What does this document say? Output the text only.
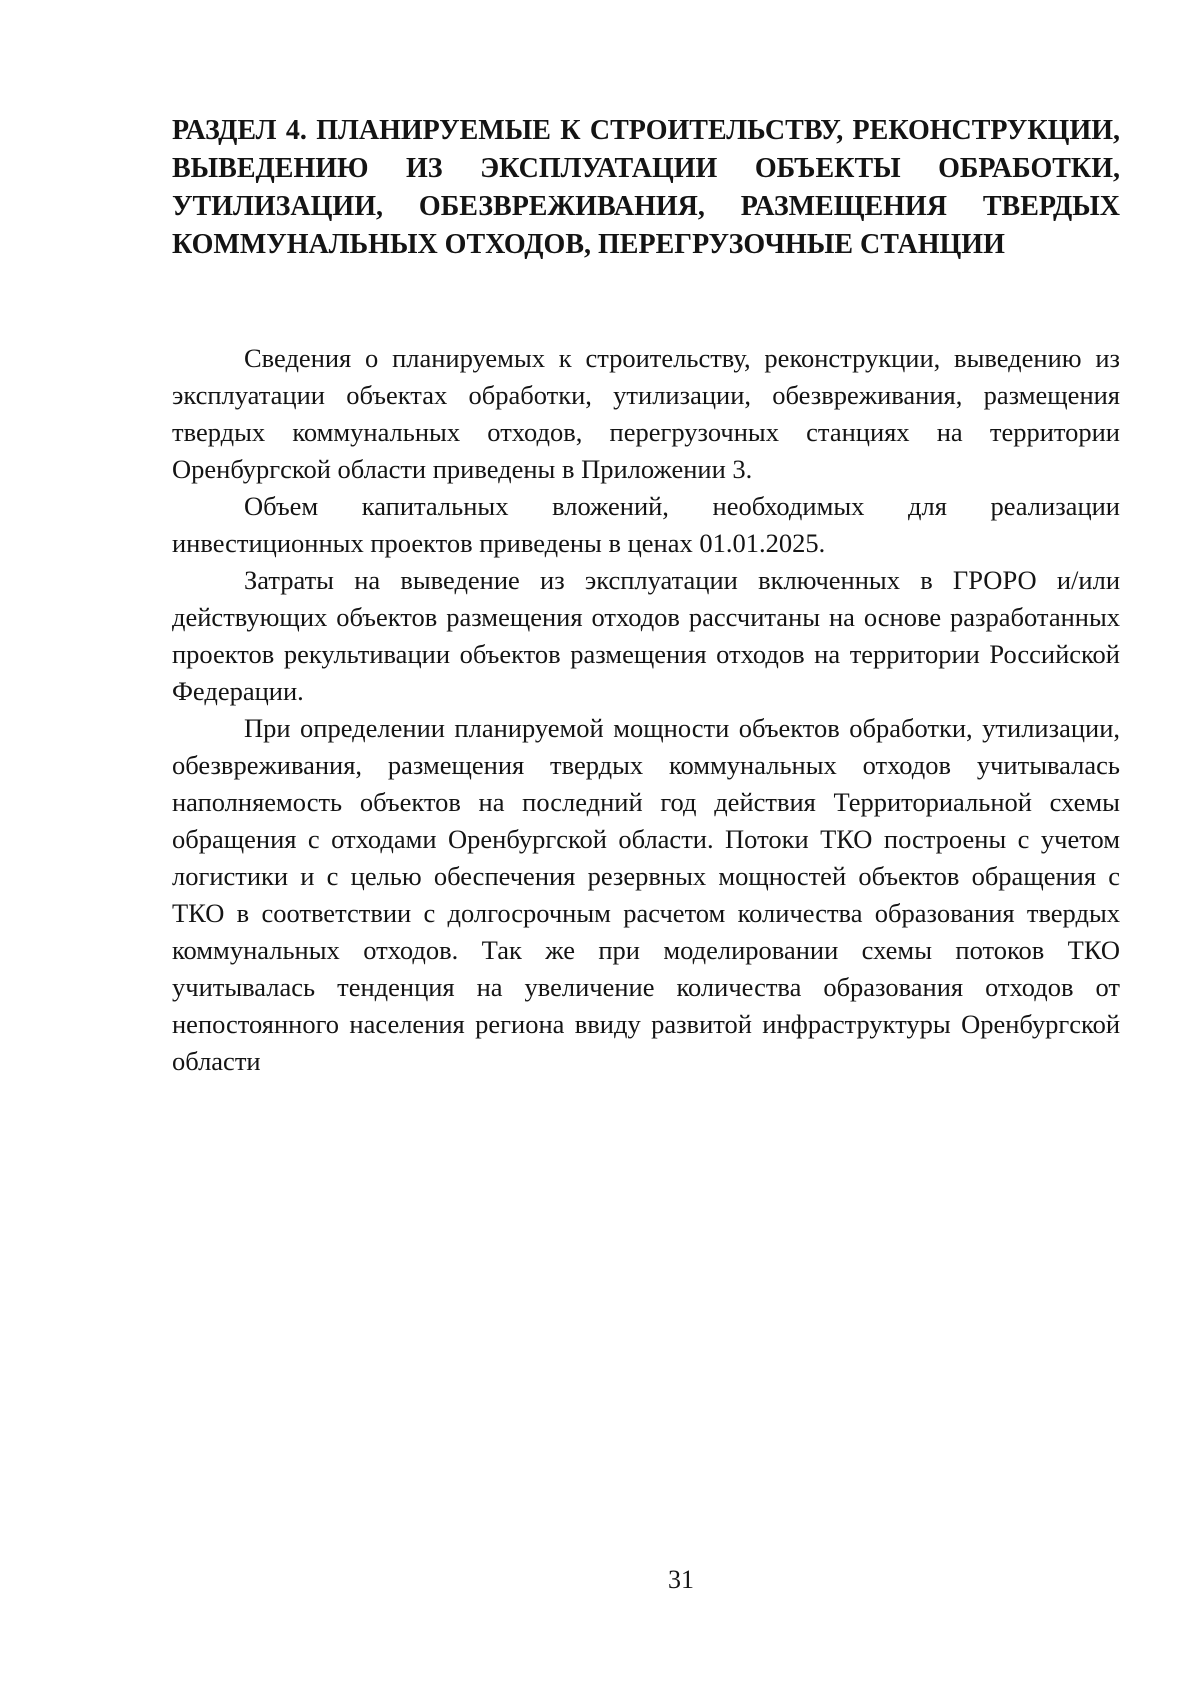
РАЗДЕЛ 4. ПЛАНИРУЕМЫЕ К СТРОИТЕЛЬСТВУ, РЕКОНСТРУКЦИИ, ВЫВЕДЕНИЮ ИЗ ЭКСПЛУАТАЦИИ ОБЪЕКТЫ ОБРАБОТКИ, УТИЛИЗАЦИИ, ОБЕЗВРЕЖИВАНИЯ, РАЗМЕЩЕНИЯ ТВЕРДЫХ КОММУНАЛЬНЫХ ОТХОДОВ, ПЕРЕГРУЗОЧНЫЕ СТАНЦИИ

Сведения о планируемых к строительству, реконструкции, выведению из эксплуатации объектах обработки, утилизации, обезвреживания, размещения твердых коммунальных отходов, перегрузочных станциях на территории Оренбургской области приведены в Приложении 3.

Объем капитальных вложений, необходимых для реализации инвестиционных проектов приведены в ценах 01.01.2025.

Затраты на выведение из эксплуатации включенных в ГРОРО и/или действующих объектов размещения отходов рассчитаны на основе разработанных проектов рекультивации объектов размещения отходов на территории Российской Федерации.

При определении планируемой мощности объектов обработки, утилизации, обезвреживания, размещения твердых коммунальных отходов учитывалась наполняемость объектов на последний год действия Территориальной схемы обращения с отходами Оренбургской области. Потоки ТКО построены с учетом логистики и с целью обеспечения резервных мощностей объектов обращения с ТКО в соответствии с долгосрочным расчетом количества образования твердых коммунальных отходов. Так же при моделировании схемы потоков ТКО учитывалась тенденция на увеличение количества образования отходов от непостоянного населения региона ввиду развитой инфраструктуры Оренбургской области

31
